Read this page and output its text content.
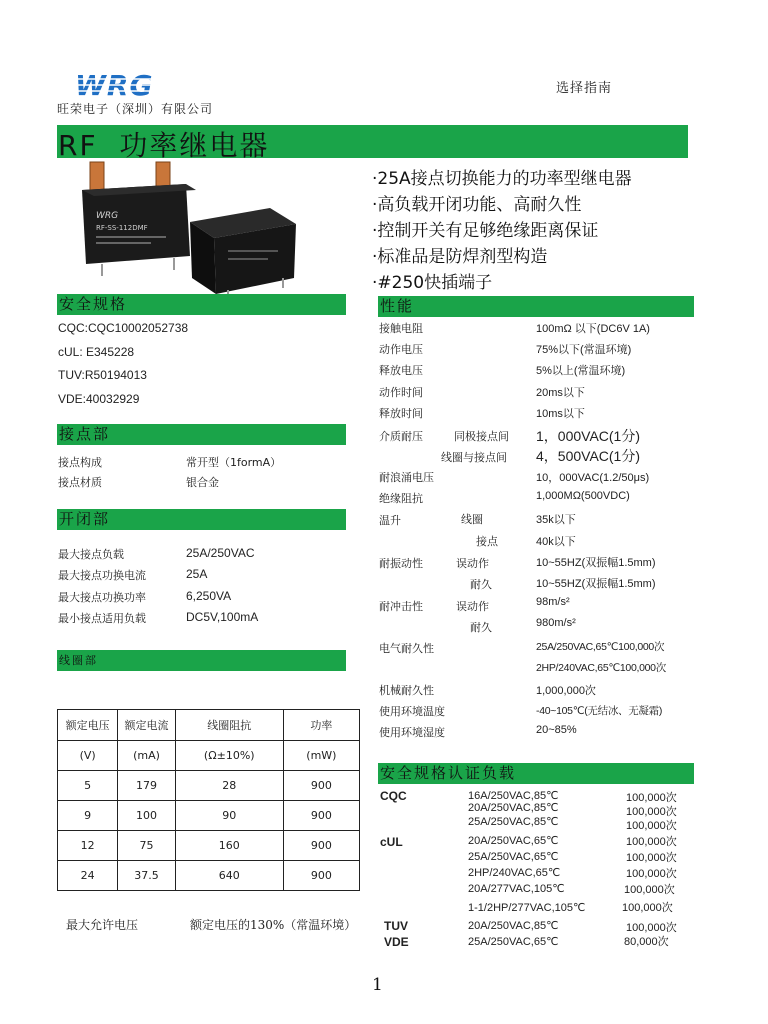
WRG
旺荣电子（深圳）有限公司
选择指南
RF  功率继电器
WRG
RF-SS-112DMF
·25A接点切换能力的功率型继电器
·高负载开闭功能、高耐久性
·控制开关有足够绝缘距离保证
·标准品是防焊剂型构造
·#250快插端子
安全规格
CQC:CQC10002052738
cUL: E345228
TUV:R50194013
VDE:40032929
接点部
接点构成	常开型（1formA）
接点材质	银合金
开闭部
最大接点负载	25A/250VAC
最大接点功换电流	25A
最大接点功换功率	6,250VA
最小接点适用负载	DC5V,100mA
线圈部
额定电压	额定电流	线圈阻抗	功率
(V)	(mA)	(Ω±10%)	(mW)
5	179	28	900
9	100	90	900
12	75	160	900
24	37.5	640	900
最大允许电压	额定电压的130%（常温环境）
性能
接触电阻	100mΩ 以下(DC6V 1A)
动作电压	75%以下(常温环境)
释放电压	5%以上(常温环境)
动作时间	20ms以下
释放时间	10ms以下
介质耐压	同极接点间 1，000VAC(1分)
线圈与接点间 4，500VAC(1分)
耐浪涌电压	10，000VAC(1.2/50μs)
绝缘阻抗	1,000MΩ(500VDC)
温升	线圈	35k以下
接点	40k以下
耐振动性	误动作	10~55HZ(双振幅1.5mm)
耐久	10~55HZ(双振幅1.5mm)
耐冲击性	误动作	98m/s²
耐久	980m/s²
电气耐久性	25A/250VAC,65℃100,000次
2HP/240VAC,65℃100,000次
机械耐久性	1,000,000次
使用环境温度	-40~105℃(无结冰、无凝霜)
使用环境湿度	20~85%
安全规格认证负载
CQC	16A/250VAC,85℃	100,000次
20A/250VAC,85℃	100,000次
25A/250VAC,85℃	100,000次
cUL	20A/250VAC,65℃	100,000次
25A/250VAC,65℃	100,000次
2HP/240VAC,65℃	100,000次
20A/277VAC,105℃	100,000次
1-1/2HP/277VAC,105℃	100,000次
TUV	20A/250VAC,85℃	100,000次
VDE	25A/250VAC,65℃	80,000次
1
